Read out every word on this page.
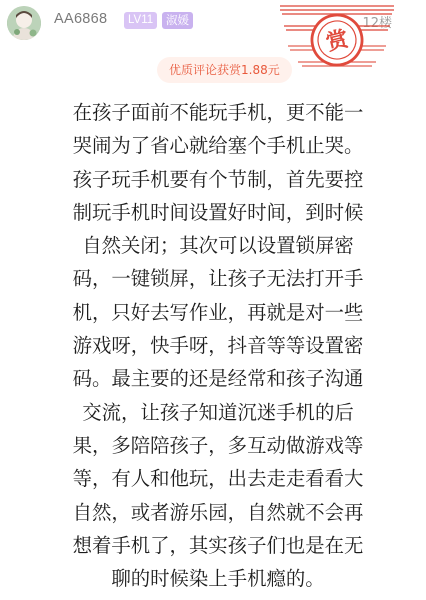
AA6868	LV11	淑媛	12楼
赏
优质评论获赏1.88元
在孩子面前不能玩手机，更不能一
哭闹为了省心就给塞个手机止哭。
孩子玩手机要有个节制，首先要控
制玩手机时间设置好时间，到时候
自然关闭；其次可以设置锁屏密
码，一键锁屏，让孩子无法打开手
机，只好去写作业，再就是对一些
游戏呀，快手呀，抖音等等设置密
码。最主要的还是经常和孩子沟通
交流，让孩子知道沉迷手机的后
果，多陪陪孩子，多互动做游戏等
等，有人和他玩，出去走走看看大
自然，或者游乐园，自然就不会再
想着手机了，其实孩子们也是在无
聊的时候染上手机瘾的。
